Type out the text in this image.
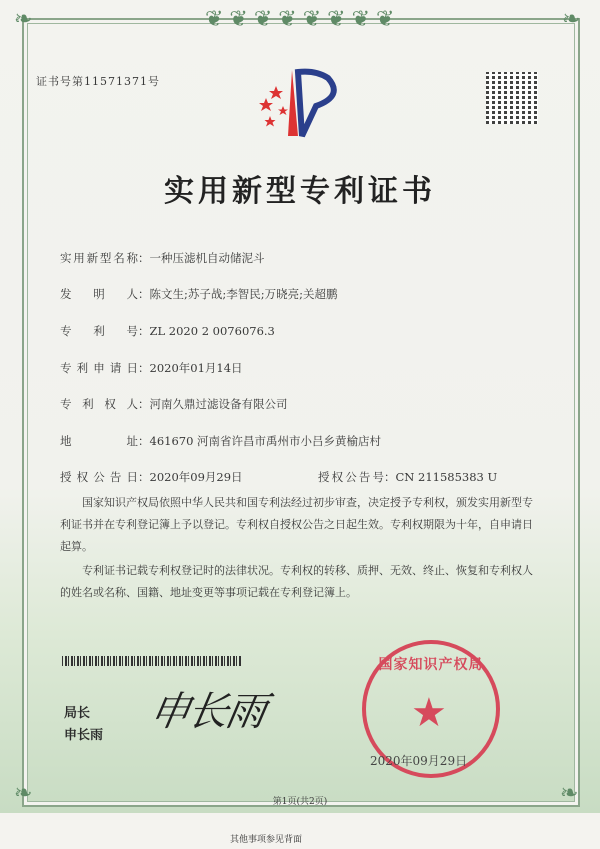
❦❦❦❦❦❦❦❦
❧	❧
❧	❧
证书号第11571371号
实用新型专利证书
实用新型名称：一种压滤机自动储泥斗
发明人：陈文生;苏子战;李智民;万晓亮;关超鹏
专利号：ZL 2020 2 0076076.3
专利申请日：2020年01月14日
专利权人：河南久鼎过滤设备有限公司
地址：461670 河南省许昌市禹州市小吕乡黄榆店村
授权公告日：2020年09月29日	授权公告号：CN 211585383 U
国家知识产权局依照中华人民共和国专利法经过初步审查，决定授予专利权，颁发实用新型专利证书并在专利登记簿上予以登记。专利权自授权公告之日起生效。专利权期限为十年，自申请日起算。
专利证书记载专利权登记时的法律状况。专利权的转移、质押、无效、终止、恢复和专利权人的姓名或名称、国籍、地址变更等事项记载在专利登记簿上。
局长
申长雨
申长雨
国家知识产权局
★
2020年09月29日
第1页(共2页)
其他事项参见背面
